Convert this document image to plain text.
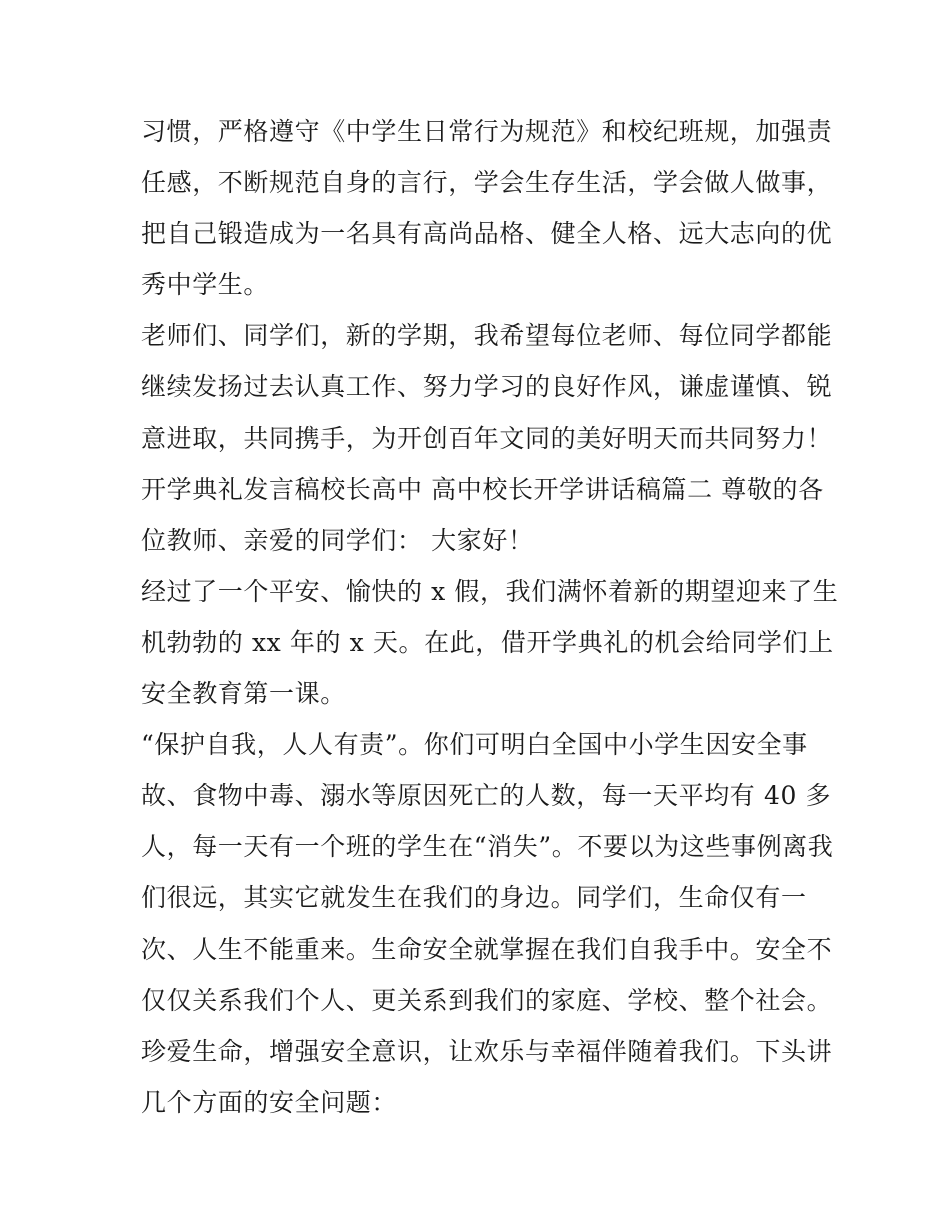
习惯，严格遵守《中学生日常行为规范》和校纪班规，加强责
任感，不断规范自身的言行，学会生存生活，学会做人做事，
把自己锻造成为一名具有高尚品格、健全人格、远大志向的优
秀中学生。

老师们、同学们，新的学期，我希望每位老师、每位同学都能
继续发扬过去认真工作、努力学习的良好作风，谦虚谨慎、锐
意进取，共同携手，为开创百年文同的美好明天而共同努力！
开学典礼发言稿校长高中 高中校长开学讲话稿篇二 尊敬的各
位教师、亲爱的同学们： 大家好！

经过了一个平安、愉快的 x 假，我们满怀着新的期望迎来了生
机勃勃的 xx 年的 x 天。在此，借开学典礼的机会给同学们上
安全教育第一课。

“保护自我，人人有责”。你们可明白全国中小学生因安全事
故、食物中毒、溺水等原因死亡的人数，每一天平均有 40 多
人，每一天有一个班的学生在“消失”。不要以为这些事例离我
们很远，其实它就发生在我们的身边。同学们，生命仅有一
次、人生不能重来。生命安全就掌握在我们自我手中。安全不
仅仅关系我们个人、更关系到我们的家庭、学校、整个社会。
珍爱生命，增强安全意识，让欢乐与幸福伴随着我们。下头讲
几个方面的安全问题：
